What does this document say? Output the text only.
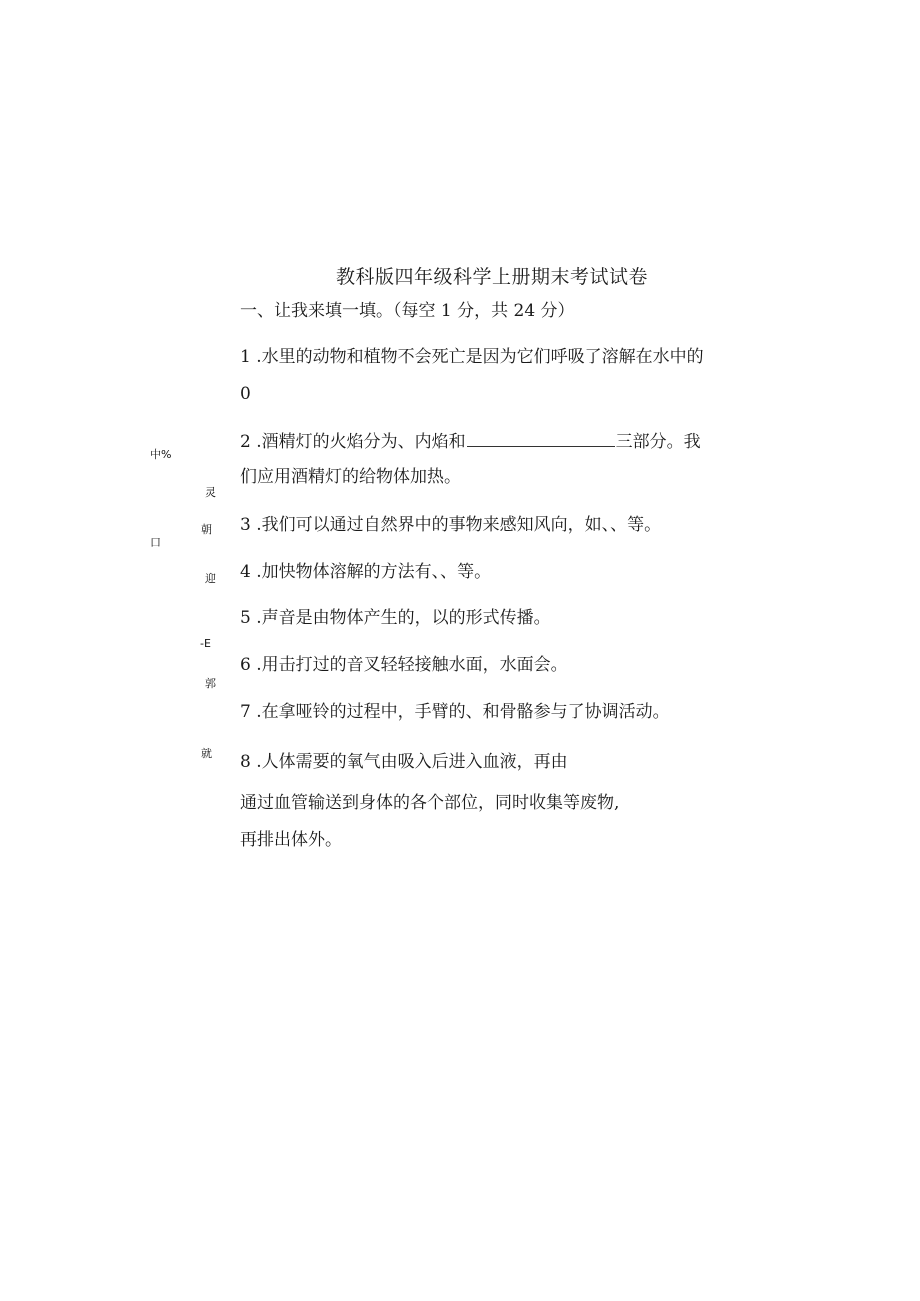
教科版四年级科学上册期末考试试卷
一、让我来填一填。（每空 1 分，共 24 分）
1 .水里的动物和植物不会死亡是因为它们呼吸了溶解在水中的
0
2 .酒精灯的火焰分为、内焰和	三部分。我
们应用酒精灯的给物体加热。
3 .我们可以通过自然界中的事物来感知风向，如、、等。
4 .加快物体溶解的方法有、、等。
5 .声音是由物体产生的，以的形式传播。
6 .用击打过的音叉轻轻接触水面，水面会。
7 .在拿哑铃的过程中，手臂的、和骨骼参与了协调活动。
8 .人体需要的氧气由吸入后进入血液，再由
通过血管输送到身体的各个部位，同时收集等废物,
再排出体外。
中%
灵
朝
口
迎
-E
郭
就
